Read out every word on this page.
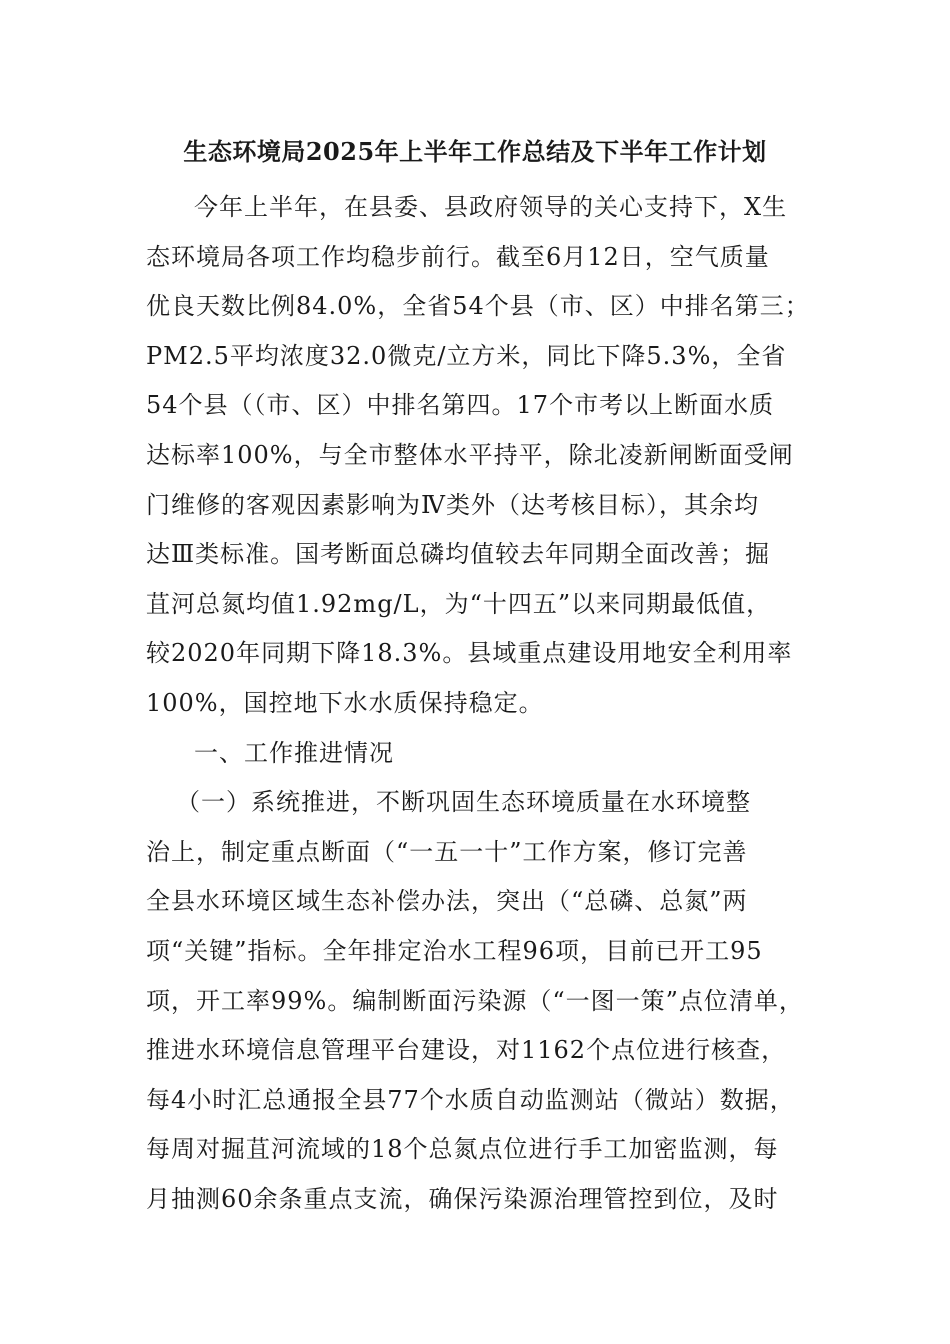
生态环境局2025年上半年工作总结及下半年工作计划
今年上半年，在县委、县政府领导的关心支持下，X生
态环境局各项工作均稳步前行。截至6月12日，空气质量
优良天数比例84.0%，全省54个县（市、区）中排名第三；
PM2.5平均浓度32.0微克/立方米，同比下降5.3%，全省
54个县（（市、区）中排名第四。17个市考以上断面水质
达标率100%，与全市整体水平持平，除北凌新闸断面受闸
门维修的客观因素影响为Ⅳ类外（达考核目标），其余均
达Ⅲ类标准。国考断面总磷均值较去年同期全面改善；掘
苴河总氮均值1.92mg/L，为“十四五”以来同期最低值，
较2020年同期下降18.3%。县域重点建设用地安全利用率
100%，国控地下水水质保持稳定。
一、工作推进情况
（一）系统推进，不断巩固生态环境质量在水环境整
治上，制定重点断面（“一五一十”工作方案，修订完善
全县水环境区域生态补偿办法，突出（“总磷、总氮”两
项“关键”指标。全年排定治水工程96项，目前已开工95
项，开工率99%。编制断面污染源（“一图一策”点位清单，
推进水环境信息管理平台建设，对1162个点位进行核查，
每4小时汇总通报全县77个水质自动监测站（微站）数据，
每周对掘苴河流域的18个总氮点位进行手工加密监测，每
月抽测60余条重点支流，确保污染源治理管控到位，及时
